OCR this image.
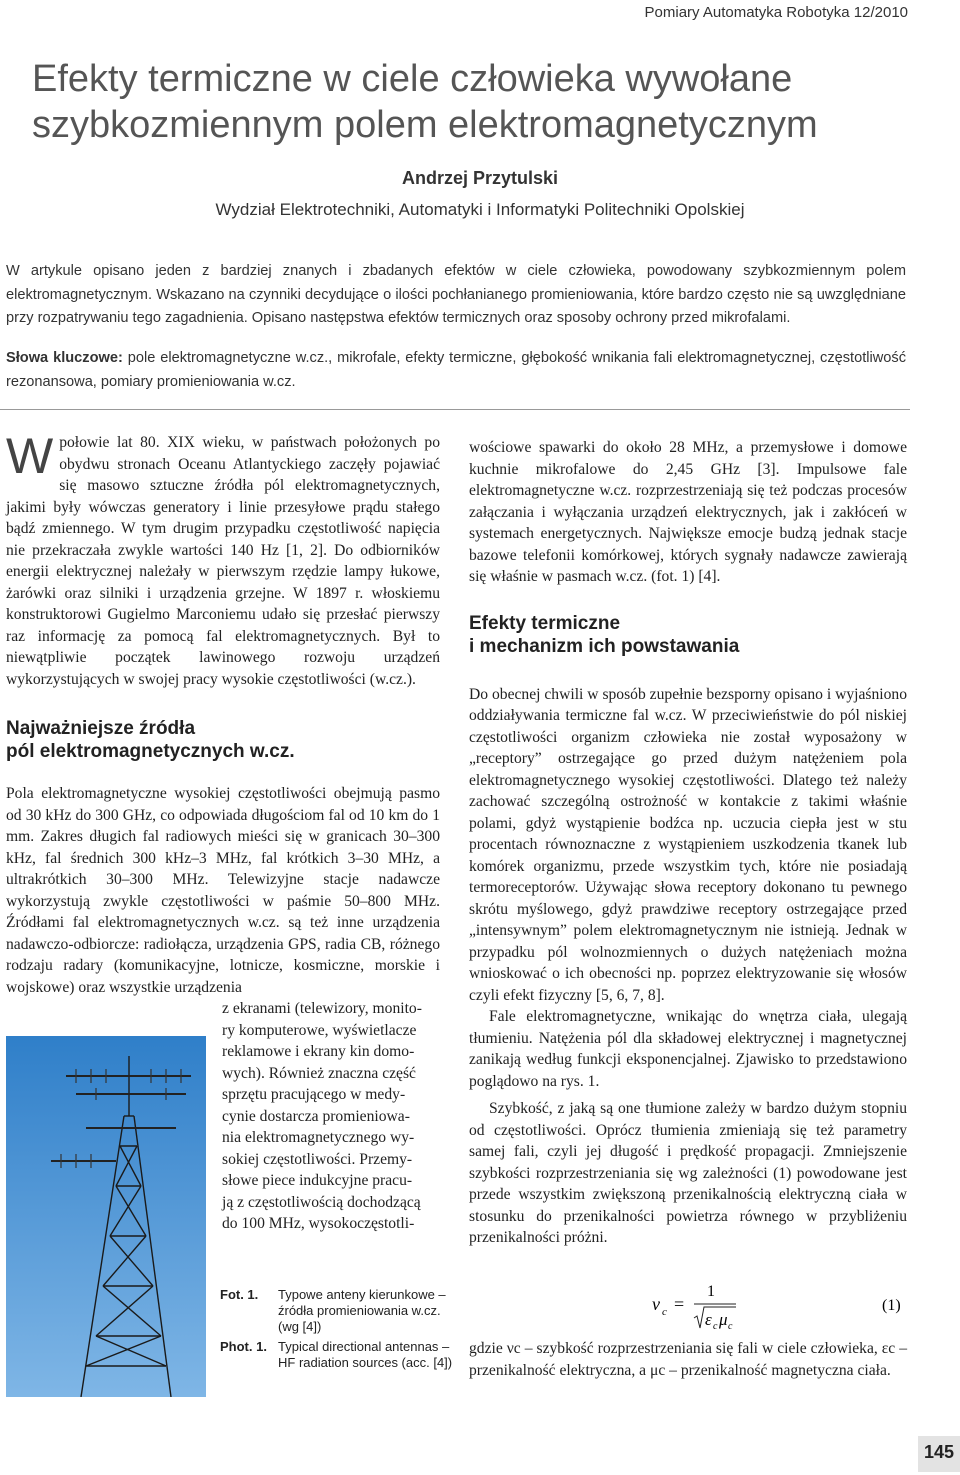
Pomiary Automatyka Robotyka 12/2010
Efekty termiczne w ciele człowieka wywołane
szybkozmiennym polem elektromagnetycznym
Andrzej Przytulski
Wydział Elektrotechniki, Automatyki i Informatyki Politechniki Opolskiej
W artykule opisano jeden z bardziej znanych i zbadanych efektów w ciele człowieka, powodowany szybkozmiennym polem elektromagnetycznym. Wskazano na czynniki decydujące o ilości pochłanianego promieniowania, które bardzo często nie są uwzględniane przy rozpatrywaniu tego zagadnienia. Opisano następstwa efektów termicznych oraz sposoby ochrony przed mikrofalami.
Słowa kluczowe: pole elektromagnetyczne w.cz., mikrofale, efekty termiczne, głębokość wnikania fali elektromagnetycznej, częstotliwość rezonansowa, pomiary promieniowania w.cz.

Wpołowie lat 80. XIX wieku, w państwach położonych po obydwu stronach Oceanu Atlantyckiego zaczęły pojawiać się masowo sztuczne źródła pól elektromagnetycznych, jakimi były wówczas generatory i linie przesyłowe prądu stałego bądź zmiennego. W tym drugim przypadku częstotliwość napięcia nie przekraczała zwykle wartości 140 Hz [1, 2]. Do odbiorników energii elektrycznej należały w pierwszym rzędzie lampy łukowe, żarówki oraz silniki i urządzenia grzejne. W 1897 r. włoskiemu konstruktorowi Gugielmo Marconiemu udało się przesłać pierwszy raz informację za pomocą fal elektromagnetycznych. Był to niewątpliwie początek lawinowego rozwoju urządzeń wykorzystujących w swojej pracy wysokie częstotliwości (w.cz.).

Najważniejsze źródła
pól elektromagnetycznych w.cz.

Pola elektromagnetyczne wysokiej częstotliwości obejmują pasmo od 30 kHz do 300 GHz, co odpowiada długościom fal od 10 km do 1 mm. Zakres długich fal radiowych mieści się w granicach 30–300 kHz, fal średnich 300 kHz–3 MHz, fal krótkich 3–30 MHz, a ultrakrótkich 30–300 MHz. Telewizyjne stacje nadawcze wykorzystują zwykle częstotliwości w paśmie 50–800 MHz. Źródłami fal elektromagnetycznych w.cz. są też inne urządzenia nadawczo-odbiorcze: radiołącza, urządzenia GPS, radia CB, różnego rodzaju radary (komunikacyjne, lotnicze, kosmiczne, morskie i wojskowe) oraz wszystkie urządzenia

z ekranami (telewizory, monito-
ry komputerowe, wyświetlacze
reklamowe i ekrany kin domo-
wych). Również znaczna część
sprzętu pracującego w medy-
cynie dostarcza promieniowa-
nia elektromagnetycznego wy-
sokiej częstotliwości. Przemy-
słowe piece indukcyjne pracu-
ją z częstotliwością dochodzącą
do 100 MHz, wysokoczęstotli-
Fot. 1.	Typowe anteny kierunkowe – źródła promieniowania w.cz. (wg [4])
Phot. 1. Typical directional antennas – HF radiation sources (acc. [4])

wościowe spawarki do około 28 MHz, a przemysłowe i domowe kuchnie mikrofalowe do 2,45 GHz [3]. Impulsowe fale elektromagnetyczne w.cz. rozprzestrzeniają się też podczas procesów załączania i wyłączania urządzeń elektrycznych, jak i zakłóceń w systemach energetycznych. Największe emocje budzą jednak stacje bazowe telefonii komórkowej, których sygnały nadawcze zawierają się właśnie w pasmach w.cz. (fot. 1) [4].

Efekty termiczne
i mechanizm ich powstawania

Do obecnej chwili w sposób zupełnie bezsporny opisano i wyjaśniono oddziaływania termiczne fal w.cz. W przeciwieństwie do pól niskiej częstotliwości organizm człowieka nie został wyposażony w „receptory” ostrzegające go przed dużym natężeniem pola elektromagnetycznego wysokiej częstotliwości. Dlatego też należy zachować szczególną ostrożność w kontakcie z takimi właśnie polami, gdyż wystąpienie bodźca np. uczucia ciepła jest w stu procentach równoznaczne z wystąpieniem uszkodzenia tkanek lub komórek organizmu, przede wszystkim tych, które nie posiadają termoreceptorów. Używając słowa receptory dokonano tu pewnego skrótu myślowego, gdyż prawdziwe receptory ostrzegające przed „intensywnym” polem elektromagnetycznym nie istnieją. Jednak w przypadku pól wolnozmiennych o dużych natężeniach można wnioskować o ich obecności np. poprzez elektryzowanie się włosów czyli efekt fizyczny [5, 6, 7, 8].

Fale elektromagnetyczne, wnikając do wnętrza ciała, ulegają tłumieniu. Natężenia pól dla składowej elektrycznej i magnetycznej zanikają według funkcji eksponencjalnej. Zjawisko to przedstawiono poglądowo na rys. 1.

Szybkość, z jaką są one tłumione zależy w bardzo dużym stopniu od częstotliwości. Oprócz tłumienia zmieniają się też parametry samej fali, czyli jej długość i prędkość propagacji. Zmniejszenie szybkości rozprzestrzeniania się wg zależności (1) powodowane jest przede wszystkim zwiększoną przenikalnością elektryczną ciała w stosunku do przenikalności powietrza równego w przybliżeniu przenikalności próżni.

ν c =
1
ε c μ c
(1)
gdzie νc – szybkość rozprzestrzeniania się fali w ciele człowieka, εc – przenikalność elektryczna, a μc – przenikalność magnetyczna ciała.
145
